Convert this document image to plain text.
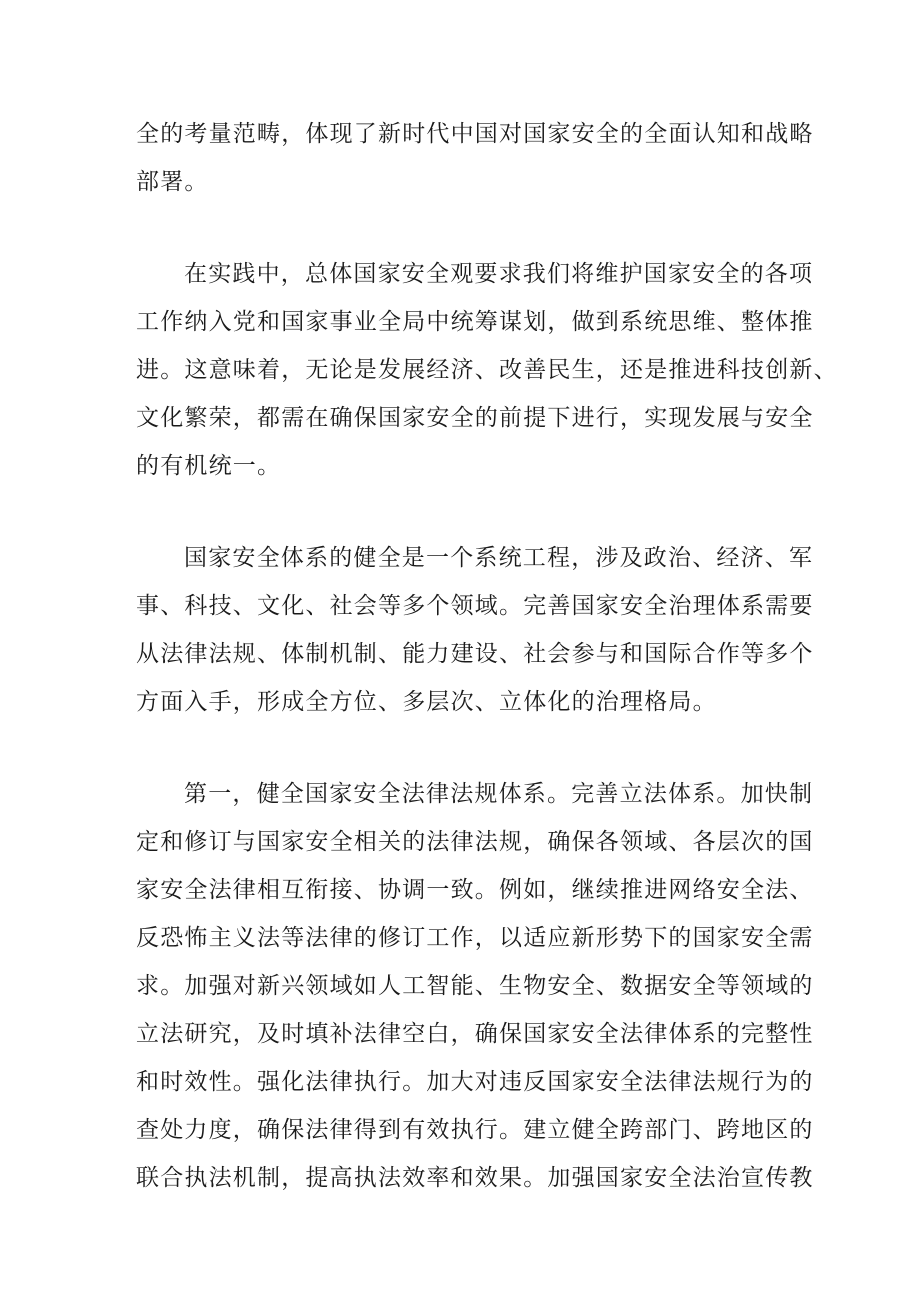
全的考量范畴，体现了新时代中国对国家安全的全面认知和战略
部署。

在实践中，总体国家安全观要求我们将维护国家安全的各项
工作纳入党和国家事业全局中统筹谋划，做到系统思维、整体推
进。这意味着，无论是发展经济、改善民生，还是推进科技创新、
文化繁荣，都需在确保国家安全的前提下进行，实现发展与安全
的有机统一。

国家安全体系的健全是一个系统工程，涉及政治、经济、军
事、科技、文化、社会等多个领域。完善国家安全治理体系需要
从法律法规、体制机制、能力建设、社会参与和国际合作等多个
方面入手，形成全方位、多层次、立体化的治理格局。

第一，健全国家安全法律法规体系。完善立法体系。加快制
定和修订与国家安全相关的法律法规，确保各领域、各层次的国
家安全法律相互衔接、协调一致。例如，继续推进网络安全法、
反恐怖主义法等法律的修订工作，以适应新形势下的国家安全需
求。加强对新兴领域如人工智能、生物安全、数据安全等领域的
立法研究，及时填补法律空白，确保国家安全法律体系的完整性
和时效性。强化法律执行。加大对违反国家安全法律法规行为的
查处力度，确保法律得到有效执行。建立健全跨部门、跨地区的
联合执法机制，提高执法效率和效果。加强国家安全法治宣传教
